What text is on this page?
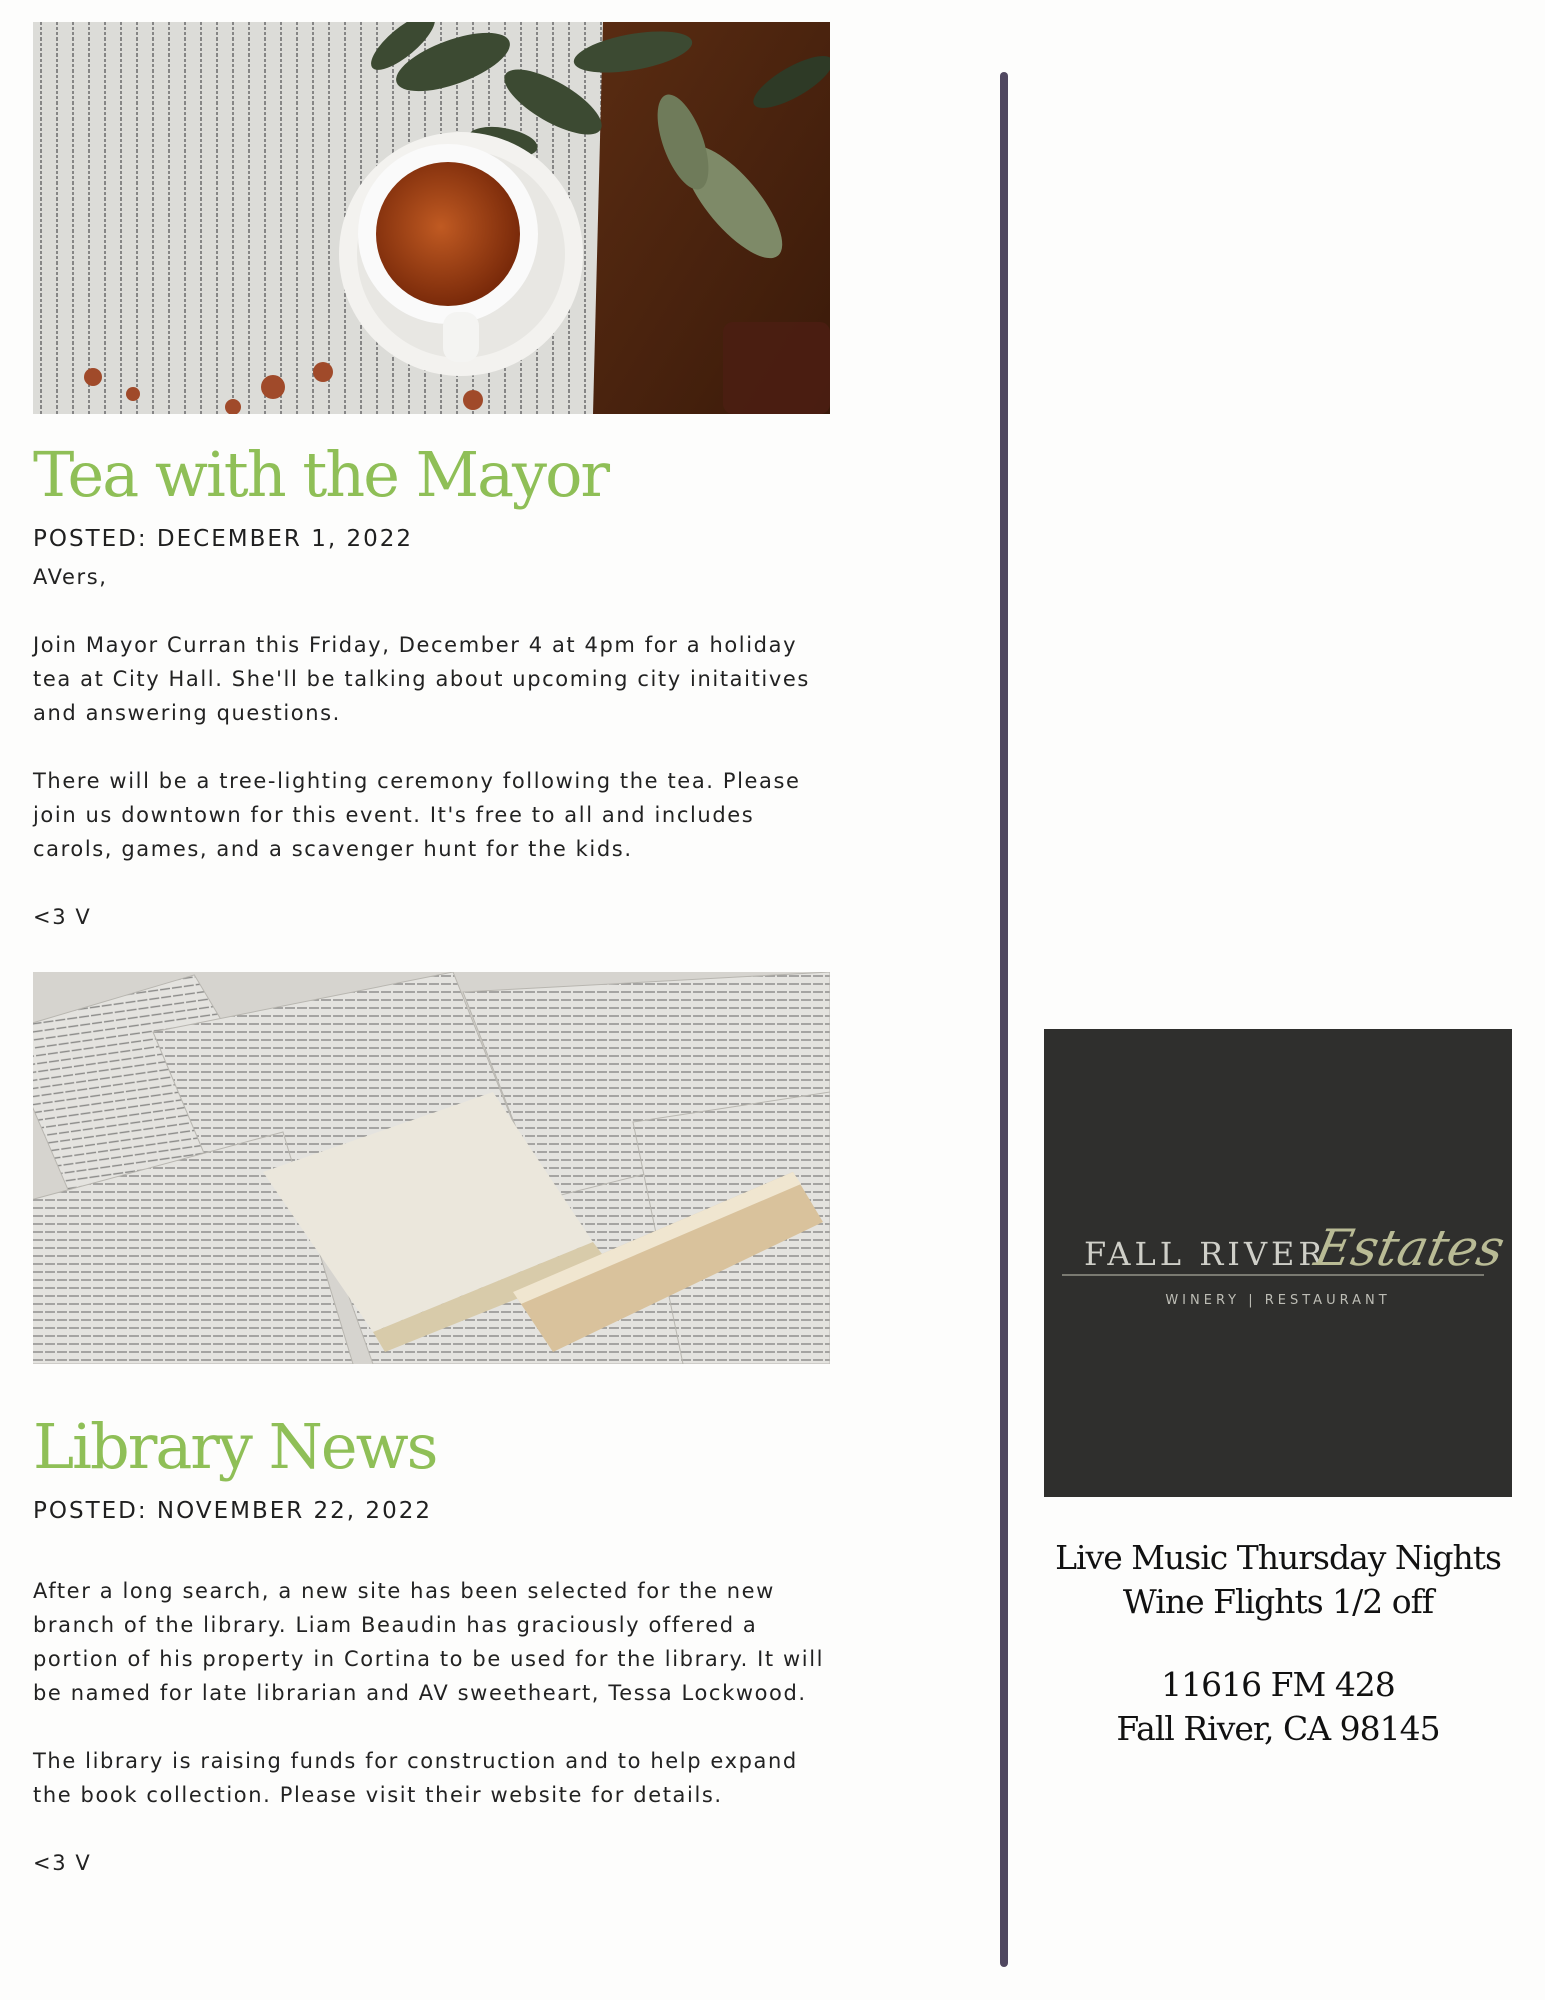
Tea with the Mayor

POSTED: DECEMBER 1, 2022

AVers,

Join Mayor Curran this Friday, December 4 at 4pm for a holiday tea at City Hall. She'll be talking about upcoming city initaitives and answering questions.

There will be a tree-lighting ceremony following the tea. Please join us downtown for this event. It's free to all and includes carols, games, and a scavenger hunt for the kids.

<3 V

Library News

POSTED: NOVEMBER 22, 2022

After a long search, a new site has been selected for the new branch of the library. Liam Beaudin has graciously offered a portion of his property in Cortina to be used for the library. It will be named for late librarian and AV sweetheart, Tessa Lockwood.

The library is raising funds for construction and to help expand the book collection. Please visit their website for details.

<3 V

FALL RIVER
Estates
WINERY | RESTAURANT
Live Music Thursday Nights
Wine Flights 1/2 off
11616 FM 428
Fall River, CA 98145
